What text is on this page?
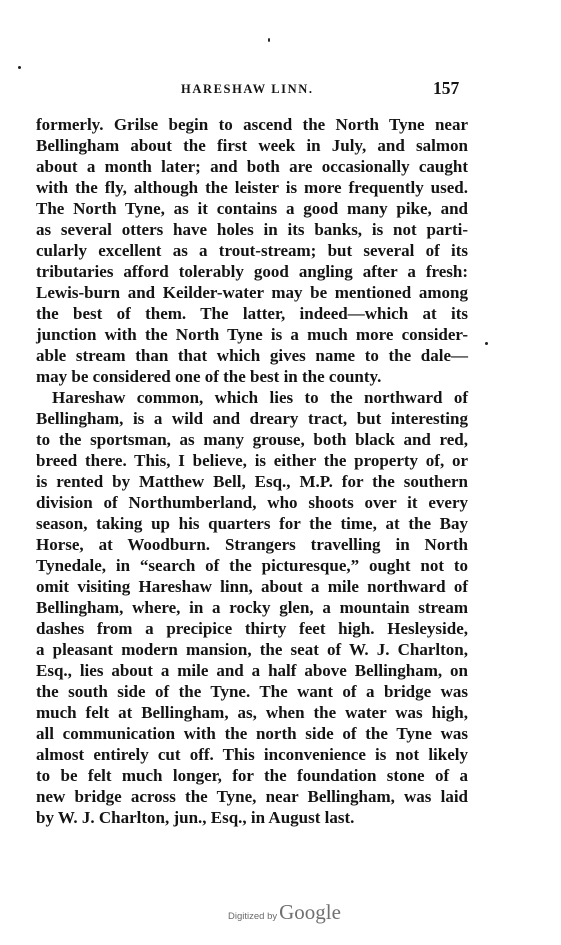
HARESHAW LINN.	157
formerly. Grilse begin to ascend the North Tyne near
Bellingham about the first week in July, and salmon
about a month later; and both are occasionally caught
with the fly, although the leister is more frequently used.
The North Tyne, as it contains a good many pike, and
as several otters have holes in its banks, is not parti-
cularly excellent as a trout-stream; but several of its
tributaries afford tolerably good angling after a fresh:
Lewis-burn and Keilder-water may be mentioned among
the best of them. The latter, indeed—which at its
junction with the North Tyne is a much more consider-
able stream than that which gives name to the dale—
may be considered one of the best in the county.
Hareshaw common, which lies to the northward of
Bellingham, is a wild and dreary tract, but interesting
to the sportsman, as many grouse, both black and red,
breed there. This, I believe, is either the property of, or
is rented by Matthew Bell, Esq., M.P. for the southern
division of Northumberland, who shoots over it every
season, taking up his quarters for the time, at the Bay
Horse, at Woodburn. Strangers travelling in North
Tynedale, in “search of the picturesque,” ought not to
omit visiting Hareshaw linn, about a mile northward of
Bellingham, where, in a rocky glen, a mountain stream
dashes from a precipice thirty feet high. Hesleyside,
a pleasant modern mansion, the seat of W. J. Charlton,
Esq., lies about a mile and a half above Bellingham, on
the south side of the Tyne. The want of a bridge was
much felt at Bellingham, as, when the water was high,
all communication with the north side of the Tyne was
almost entirely cut off. This inconvenience is not likely
to be felt much longer, for the foundation stone of a
new bridge across the Tyne, near Bellingham, was laid
by W. J. Charlton, jun., Esq., in August last.
Digitized by Google
